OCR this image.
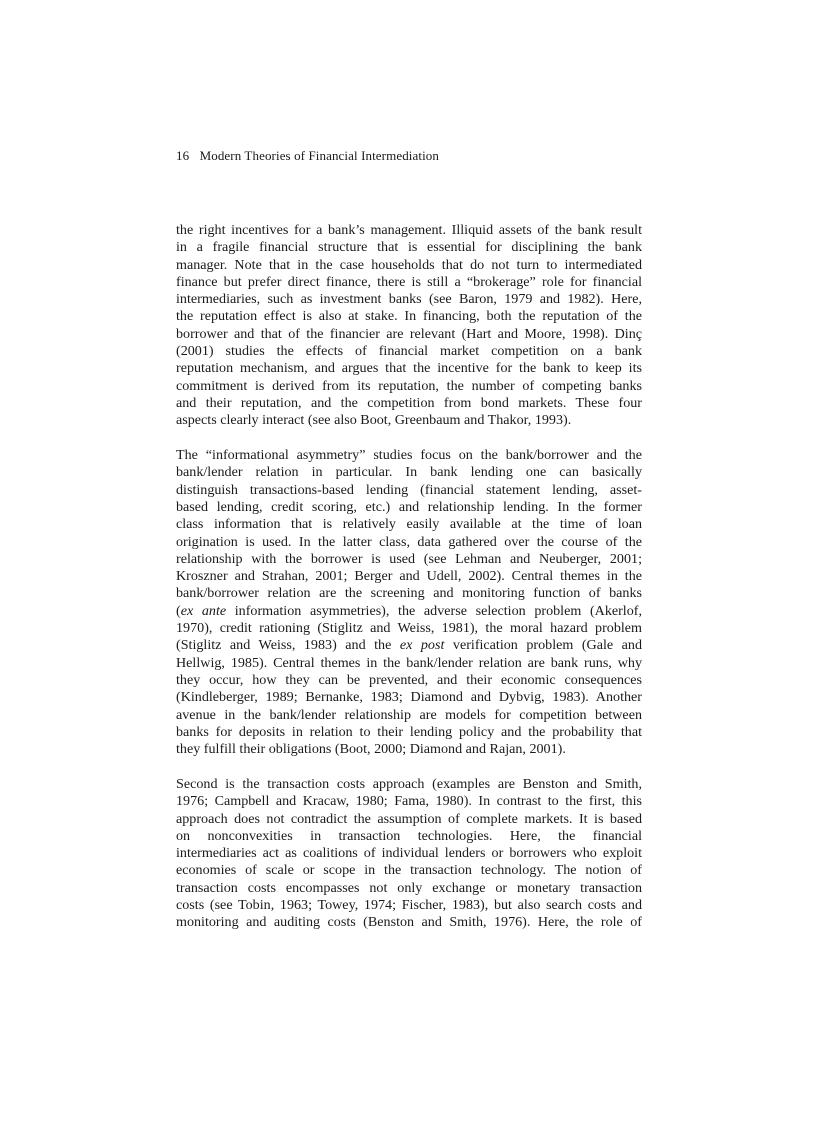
16 Modern Theories of Financial Intermediation
the right incentives for a bank’s management. Illiquid assets of the bank result
in a fragile financial structure that is essential for disciplining the bank
manager. Note that in the case households that do not turn to intermediated
finance but prefer direct finance, there is still a “brokerage” role for financial
intermediaries, such as investment banks (see Baron, 1979 and 1982). Here,
the reputation effect is also at stake. In financing, both the reputation of the
borrower and that of the financier are relevant (Hart and Moore, 1998). Dinç
(2001) studies the effects of financial market competition on a bank
reputation mechanism, and argues that the incentive for the bank to keep its
commitment is derived from its reputation, the number of competing banks
and their reputation, and the competition from bond markets. These four
aspects clearly interact (see also Boot, Greenbaum and Thakor, 1993).
The “informational asymmetry” studies focus on the bank/borrower and the
bank/lender relation in particular. In bank lending one can basically
distinguish transactions-based lending (financial statement lending, asset-
based lending, credit scoring, etc.) and relationship lending. In the former
class information that is relatively easily available at the time of loan
origination is used. In the latter class, data gathered over the course of the
relationship with the borrower is used (see Lehman and Neuberger, 2001;
Kroszner and Strahan, 2001; Berger and Udell, 2002). Central themes in the
bank/borrower relation are the screening and monitoring function of banks
(ex ante information asymmetries), the adverse selection problem (Akerlof,
1970), credit rationing (Stiglitz and Weiss, 1981), the moral hazard problem
(Stiglitz and Weiss, 1983) and the ex post verification problem (Gale and
Hellwig, 1985). Central themes in the bank/lender relation are bank runs, why
they occur, how they can be prevented, and their economic consequences
(Kindleberger, 1989; Bernanke, 1983; Diamond and Dybvig, 1983). Another
avenue in the bank/lender relationship are models for competition between
banks for deposits in relation to their lending policy and the probability that
they fulfill their obligations (Boot, 2000; Diamond and Rajan, 2001).
Second is the transaction costs approach (examples are Benston and Smith,
1976; Campbell and Kracaw, 1980; Fama, 1980). In contrast to the first, this
approach does not contradict the assumption of complete markets. It is based
on nonconvexities in transaction technologies. Here, the financial
intermediaries act as coalitions of individual lenders or borrowers who exploit
economies of scale or scope in the transaction technology. The notion of
transaction costs encompasses not only exchange or monetary transaction
costs (see Tobin, 1963; Towey, 1974; Fischer, 1983), but also search costs and
monitoring and auditing costs (Benston and Smith, 1976). Here, the role of
